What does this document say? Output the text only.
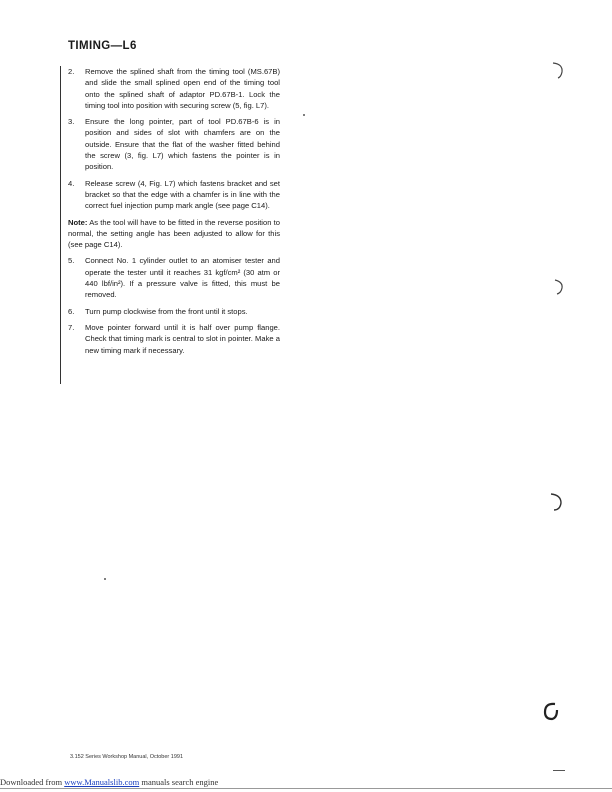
TIMING—L6
2.	Remove the splined shaft from the timing tool (MS.67B) and slide the small splined open end of the timing tool onto the splined shaft of adaptor PD.67B-1. Lock the timing tool into position with securing screw (5, fig. L7).
3.	Ensure the long pointer, part of tool PD.67B-6 is in position and sides of slot with chamfers are on the outside. Ensure that the flat of the washer fitted behind the screw (3, fig. L7) which fastens the pointer is in position.
4.	Release screw (4, Fig. L7) which fastens bracket and set bracket so that the edge with a chamfer is in line with the correct fuel injection pump mark angle (see page C14).
Note: As the tool will have to be fitted in the reverse position to normal, the setting angle has been adjusted to allow for this (see page C14).
5.	Connect No. 1 cylinder outlet to an atomiser tester and operate the tester until it reaches 31 kgf/cm² (30 atm or 440 lbf/in²). If a pressure valve is fitted, this must be removed.
6.	Turn pump clockwise from the front until it stops.
7.	Move pointer forward until it is half over pump flange. Check that timing mark is central to slot in pointer. Make a new timing mark if necessary.
3.152 Series Workshop Manual, October 1991
Downloaded from www.Manualslib.com manuals search engine
